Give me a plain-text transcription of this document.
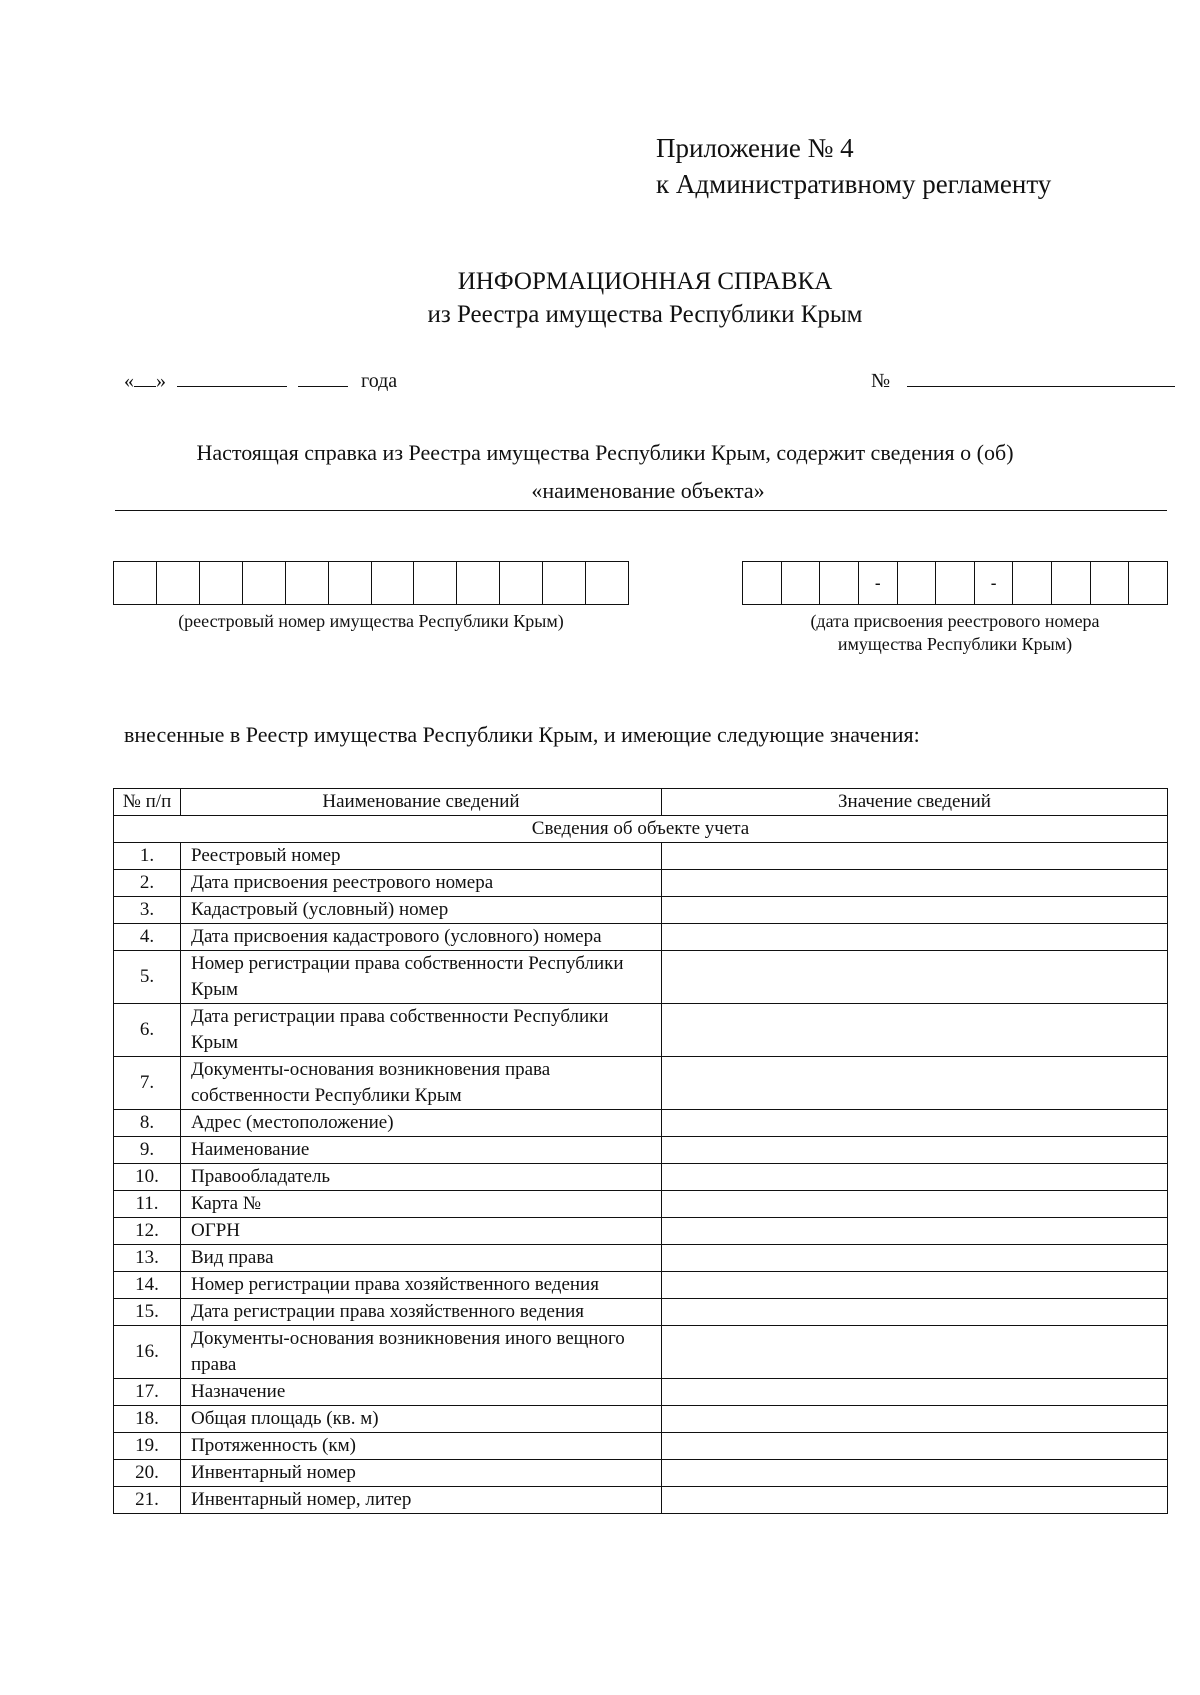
Приложение № 4
к Административному регламенту
ИНФОРМАЦИОННАЯ СПРАВКА
из Реестра имущества Республики Крым
« »	года	№
Настоящая справка из Реестра имущества Республики Крым, содержит сведения о (об)
«наименование объекта»
(реестровый номер имущества Республики Крым)
-	-
(дата присвоения реестрового номера
имущества Республики Крым)
внесенные в Реестр имущества Республики Крым, и имеющие следующие значения:
№ п/п	Наименование сведений	Значение сведений
Сведения об объекте учета		
1.	Реестровый номер	
2.	Дата присвоения реестрового номера	
3.	Кадастровый (условный) номер	
4.	Дата присвоения кадастрового (условного) номера	
5.	Номер регистрации права собственности Республики Крым	
6.	Дата регистрации права собственности Республики Крым	
7.	Документы-основания возникновения права собственности Республики Крым	
8.	Адрес (местоположение)	
9.	Наименование	
10.	Правообладатель	
11.	Карта №	
12.	ОГРН	
13.	Вид права	
14.	Номер регистрации права хозяйственного ведения	
15.	Дата регистрации права хозяйственного ведения	
16.	Документы-основания возникновения иного вещного права	
17.	Назначение	
18.	Общая площадь (кв. м)	
19.	Протяженность (км)	
20.	Инвентарный номер	
21.	Инвентарный номер, литер	
